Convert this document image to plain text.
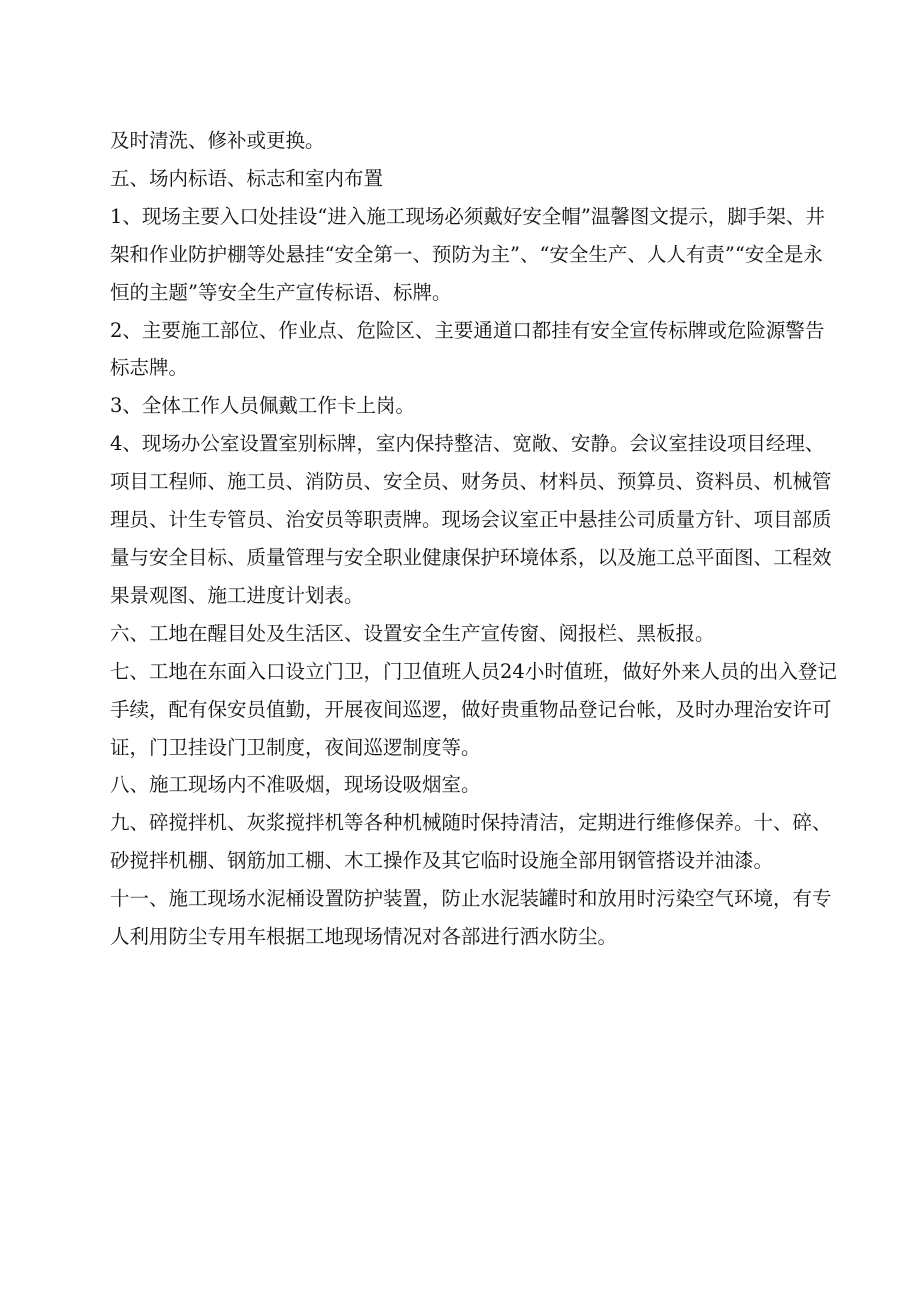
及时清洗、修补或更换。

五、场内标语、标志和室内布置

1、现场主要入口处挂设“进入施工现场必须戴好安全帽”温馨图文提示，脚手架、井架和作业防护棚等处悬挂“安全第一、预防为主”、“安全生产、人人有责”“安全是永恒的主题”等安全生产宣传标语、标牌。

2、主要施工部位、作业点、危险区、主要通道口都挂有安全宣传标牌或危险源警告标志牌。

3、全体工作人员佩戴工作卡上岗。

4、现场办公室设置室别标牌，室内保持整洁、宽敞、安静。会议室挂设项目经理、项目工程师、施工员、消防员、安全员、财务员、材料员、预算员、资料员、机械管理员、计生专管员、治安员等职责牌。现场会议室正中悬挂公司质量方针、项目部质量与安全目标、质量管理与安全职业健康保护环境体系，以及施工总平面图、工程效果景观图、施工进度计划表。

六、工地在醒目处及生活区、设置安全生产宣传窗、阅报栏、黑板报。

七、工地在东面入口设立门卫，门卫值班人员24小时值班，做好外来人员的出入登记手续，配有保安员值勤，开展夜间巡逻，做好贵重物品登记台帐，及时办理治安许可证，门卫挂设门卫制度，夜间巡逻制度等。

八、施工现场内不准吸烟，现场设吸烟室。

九、碎搅拌机、灰浆搅拌机等各种机械随时保持清洁，定期进行维修保养。十、碎、砂搅拌机棚、钢筋加工棚、木工操作及其它临时设施全部用钢管搭设并油漆。

十一、施工现场水泥桶设置防护装置，防止水泥装罐时和放用时污染空气环境，有专人利用防尘专用车根据工地现场情况对各部进行洒水防尘。
